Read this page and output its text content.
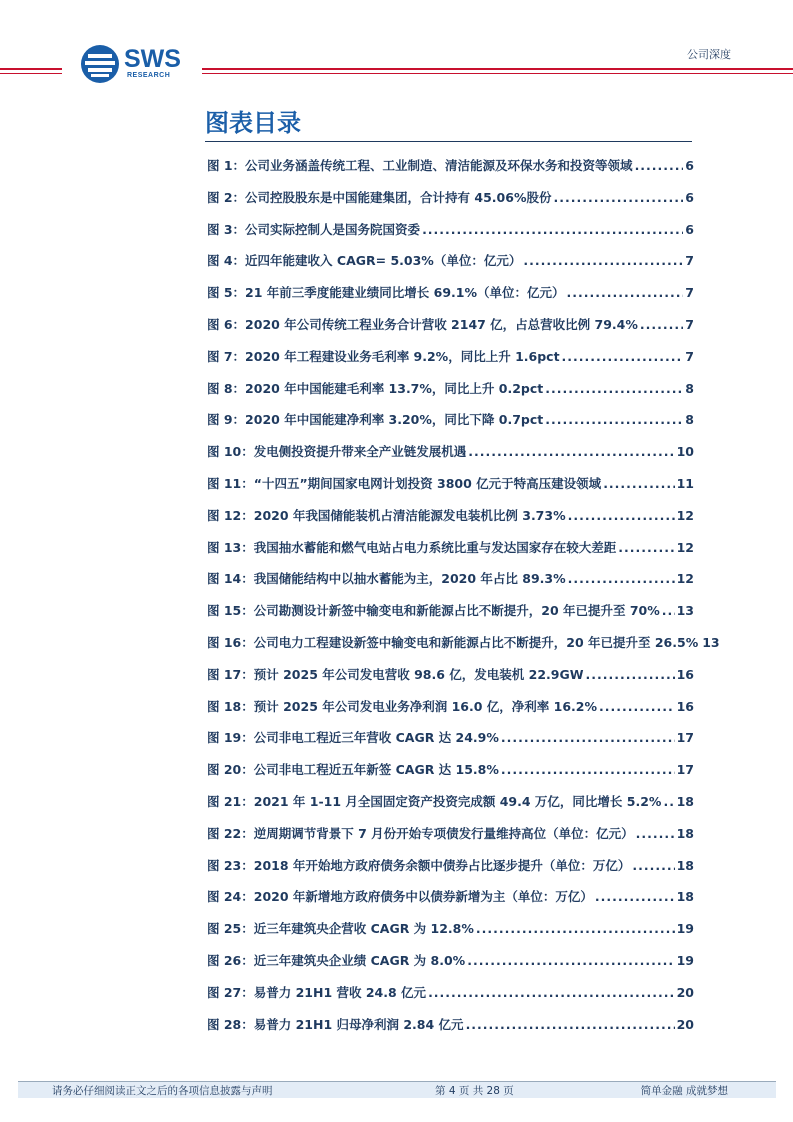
SWS
RESEARCH
公司深度
图表目录
图 1：公司业务涵盖传统工程、工业制造、清洁能源及环保水务和投资等领域 .....	6
图 2：公司控股股东是中国能建集团，合计持有 45.06%股份 .....	6
图 3：公司实际控制人是国务院国资委 .....	6
图 4：近四年能建收入 CAGR= 5.03%（单位：亿元） .....	7
图 5：21 年前三季度能建业绩同比增长 69.1%（单位：亿元） .....	7
图 6：2020 年公司传统工程业务合计营收 2147 亿，占总营收比例 79.4% .....	7
图 7：2020 年工程建设业务毛利率 9.2%，同比上升 1.6pct .....	7
图 8：2020 年中国能建毛利率 13.7%，同比上升 0.2pct .....	8
图 9：2020 年中国能建净利率 3.20%，同比下降 0.7pct .....	8
图 10：发电侧投资提升带来全产业链发展机遇 .....	10
图 11：“十四五”期间国家电网计划投资 3800 亿元于特高压建设领域 .....	11
图 12：2020 年我国储能装机占清洁能源发电装机比例 3.73% .....	12
图 13：我国抽水蓄能和燃气电站占电力系统比重与发达国家存在较大差距 .....	12
图 14：我国储能结构中以抽水蓄能为主，2020 年占比 89.3% .....	12
图 15：公司勘测设计新签中输变电和新能源占比不断提升，20 年已提升至 70% ..... 13
图 16：公司电力工程建设新签中输变电和新能源占比不断提升，20 年已提升至 26.5% 13
图 17：预计 2025 年公司发电营收 98.6 亿，发电装机 22.9GW .....	16
图 18：预计 2025 年公司发电业务净利润 16.0 亿，净利率 16.2% .....	16
图 19：公司非电工程近三年营收 CAGR 达 24.9% .....	17
图 20：公司非电工程近五年新签 CAGR 达 15.8% .....	17
图 21：2021 年 1-11 月全国固定资产投资完成额 49.4 万亿，同比增长 5.2% ..... 18
图 22：逆周期调节背景下 7 月份开始专项债发行量维持高位（单位：亿元） .....	18
图 23：2018 年开始地方政府债务余额中债券占比逐步提升（单位：万亿） .....	18
图 24：2020 年新增地方政府债务中以债券新增为主（单位：万亿） .....	18
图 25：近三年建筑央企营收 CAGR 为 12.8% .....	19
图 26：近三年建筑央企业绩 CAGR 为 8.0% .....	19
图 27：易普力 21H1 营收 24.8 亿元 .....	20
图 28：易普力 21H1 归母净利润 2.84 亿元 .....	20
请务必仔细阅读正文之后的各项信息披露与声明	第 4 页 共 28 页	简单金融 成就梦想
